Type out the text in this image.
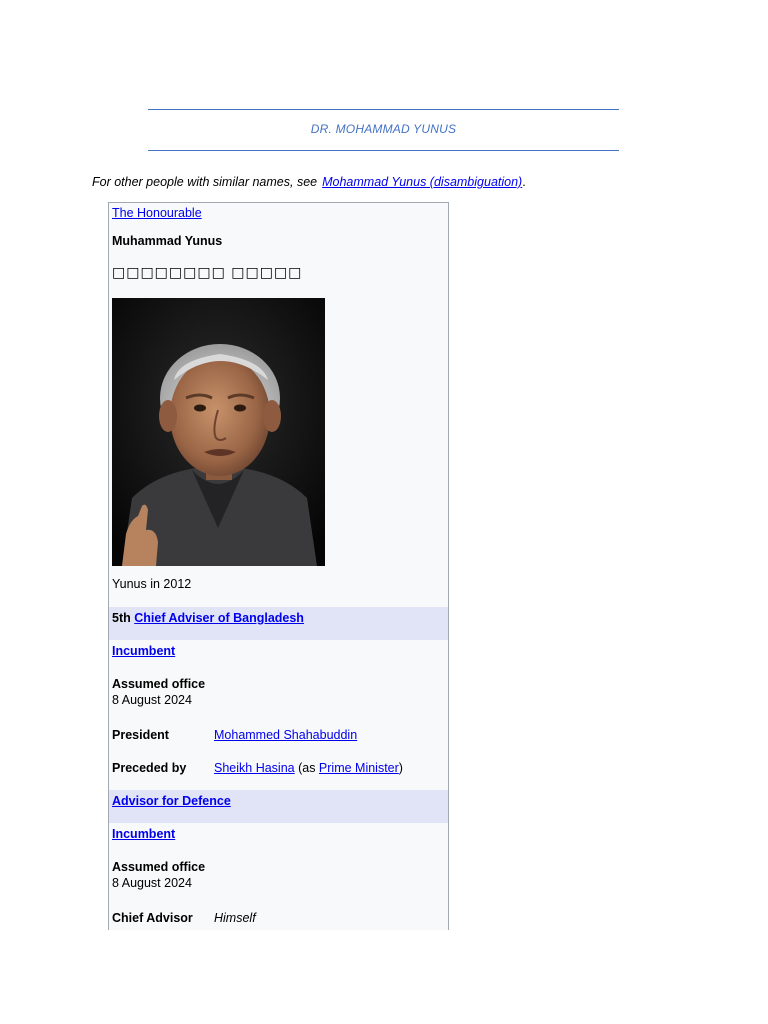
DR. MOHAMMAD YUNUS
For other people with similar names, see Mohammad Yunus (disambiguation).
The Honourable
Muhammad Yunus
□□□□□□□□ □□□□□
Yunus in 2012
5th Chief Adviser of Bangladesh
Incumbent
Assumed office
8 August 2024
President	Mohammed Shahabuddin
Preceded by Sheikh Hasina (as Prime Minister)
Advisor for Defence
Incumbent
Assumed office
8 August 2024
Chief Advisor Himself
